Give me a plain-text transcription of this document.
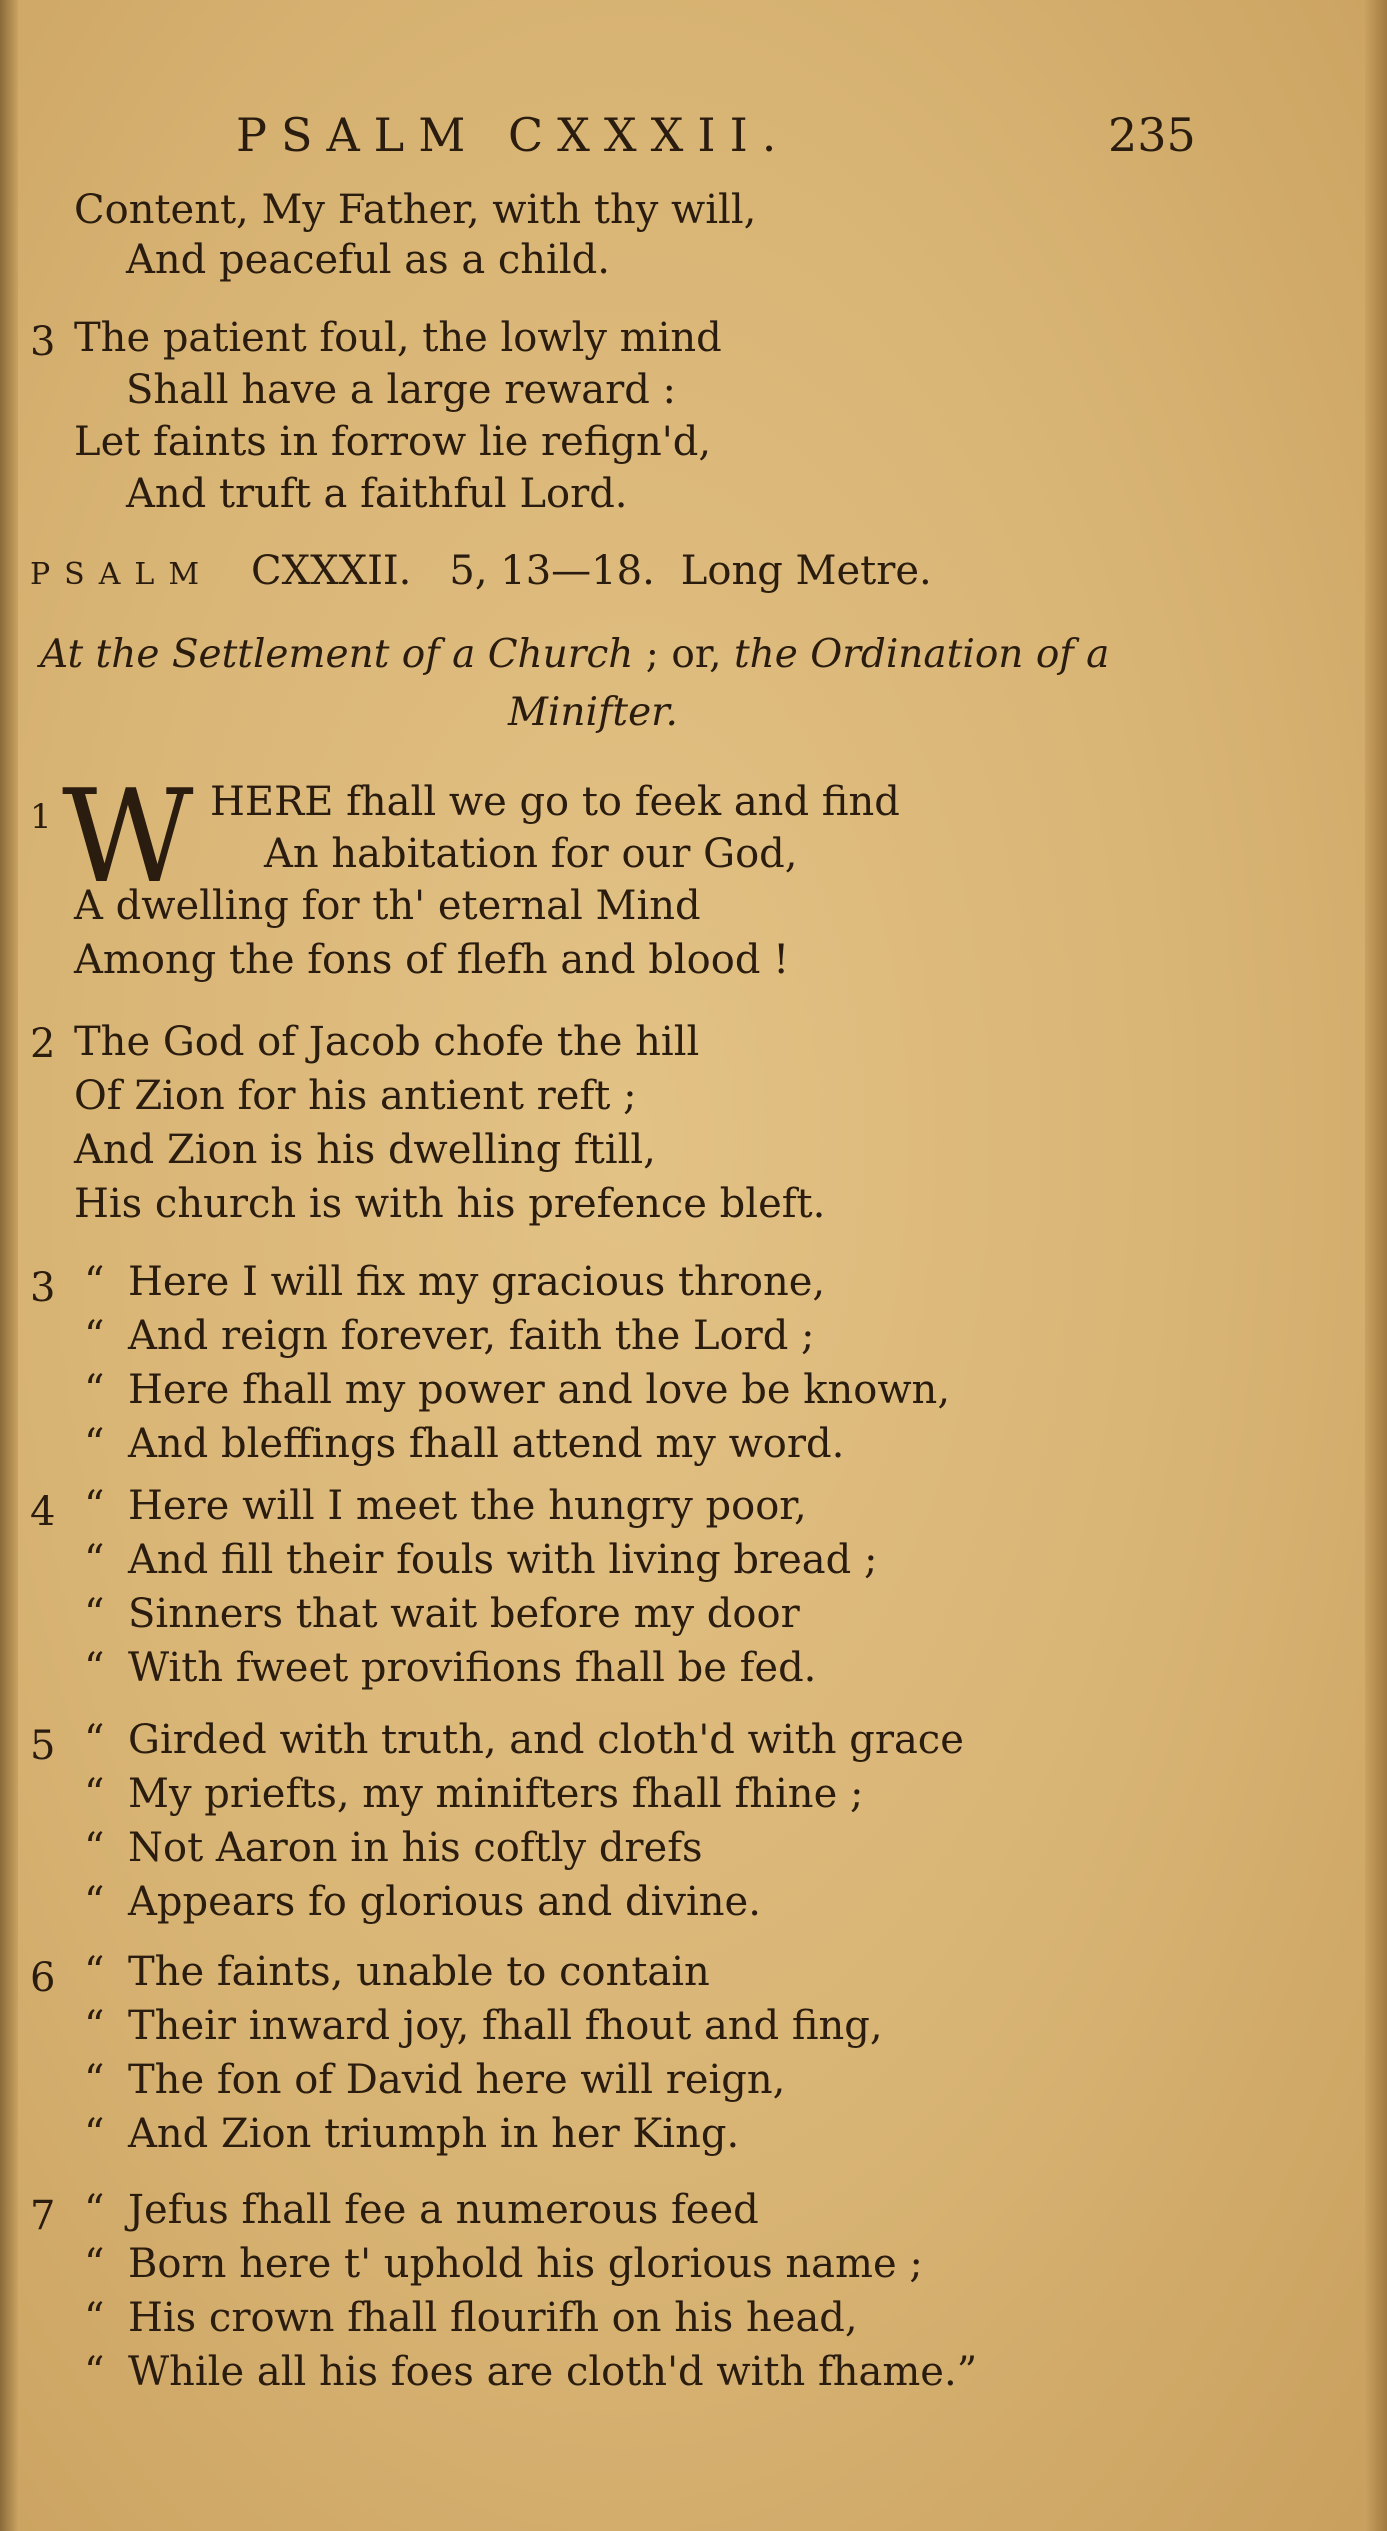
PSALM CXXXII.	235
Content, My Father, with thy will,
And peaceful as a child.
3 The patient foul, the lowly mind
Shall have a large reward :
Let faints in forrow lie refign'd,
And truft a faithful Lord.
PSALM CXXXII. 5, 13—18. Long Metre.
At the Settlement of a Church ; or, the Ordination of a
Minifter.
1 W HERE fhall we go to feek and find
An habitation for our God,
A dwelling for th' eternal Mind
Among the fons of flefh and blood !
2 The God of Jacob chofe the hill
Of Zion for his antient reft ;
And Zion is his dwelling ftill,
His church is with his prefence bleft.
3 “ Here I will fix my gracious throne,
“ And reign forever, faith the Lord ;
“ Here fhall my power and love be known,
“ And bleffings fhall attend my word.
4 “ Here will I meet the hungry poor,
“ And fill their fouls with living bread ;
“ Sinners that wait before my door
“ With fweet provifions fhall be fed.
5 “ Girded with truth, and cloth'd with grace
“ My priefts, my minifters fhall fhine ;
“ Not Aaron in his coftly drefs
“ Appears fo glorious and divine.
6 “ The faints, unable to contain
“ Their inward joy, fhall fhout and fing,
“ The fon of David here will reign,
“ And Zion triumph in her King.
7 “ Jefus fhall fee a numerous feed
“ Born here t' uphold his glorious name ;
“ His crown fhall flourifh on his head,
“ While all his foes are cloth'd with fhame.”
